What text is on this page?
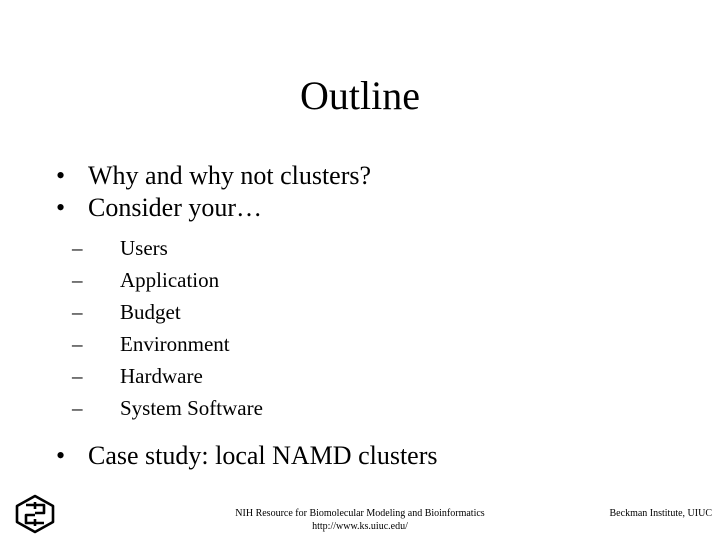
Outline
• Why and why not clusters?
• Consider your…
– Users
– Application
– Budget
– Environment
– Hardware
– System Software
• Case study: local NAMD clusters
NIH Resource for Biomolecular Modeling and Bioinformatics
http://www.ks.uiuc.edu/
Beckman Institute, UIUC
